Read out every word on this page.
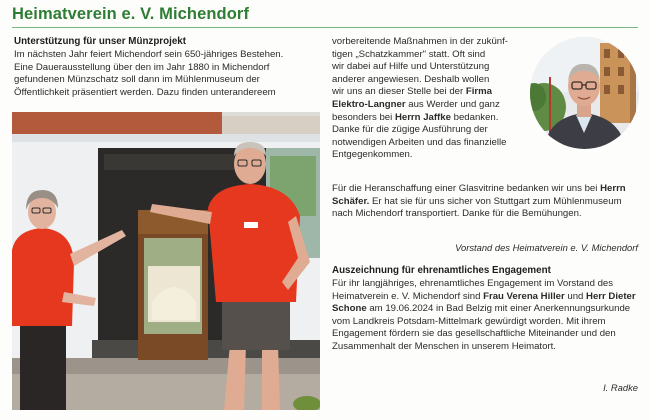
Heimatverein e. V. Michendorf
Unterstützung für unser Münzprojekt
Im nächsten Jahr feiert Michendorf sein 650-jähriges Bestehen.
Eine Dauerausstellung über den im Jahr 1880 in Michendorf
gefundenen Münzschatz soll dann im Mühlenmuseum der
Öffentlichkeit präsentiert werden. Dazu finden unterandereem
vorbereitende Maßnahmen in der zukünf-
tigen „Schatzkammer" statt. Oft sind
wir dabei auf Hilfe und Unterstützung
anderer angewiesen. Deshalb wollen
wir uns an dieser Stelle bei der Firma Elektro-Langner aus Werder und ganz besonders bei Herrn Jaffke bedanken. Danke für die zügige Ausführung der notwendigen Arbeiten und das finanzielle Entgegenkommen.
Für die Heranschaffung einer Glasvitrine bedanken wir uns bei Herrn Schäfer. Er hat sie für uns sicher von Stuttgart zum Mühlenmuseum nach Michendorf transportiert. Danke für die Bemühungen.
Vorstand des Heimatverein e. V. Michendorf
Auszeichnung für ehrenamtliches Engagement
Für ihr langjähriges, ehrenamtliches Engagement im Vorstand des Heimatverein e. V. Michendorf sind Frau Verena Hiller und Herr Dieter Schone am 19.06.2024 in Bad Belzig mit einer Anerkennungsurkunde vom Landkreis Potsdam-Mittelmark gewürdigt worden. Mit ihrem Engagement fördern sie das gesellschaftliche Miteinander und den Zusammenhalt der Menschen in unserem Heimatort.
I. Radke
